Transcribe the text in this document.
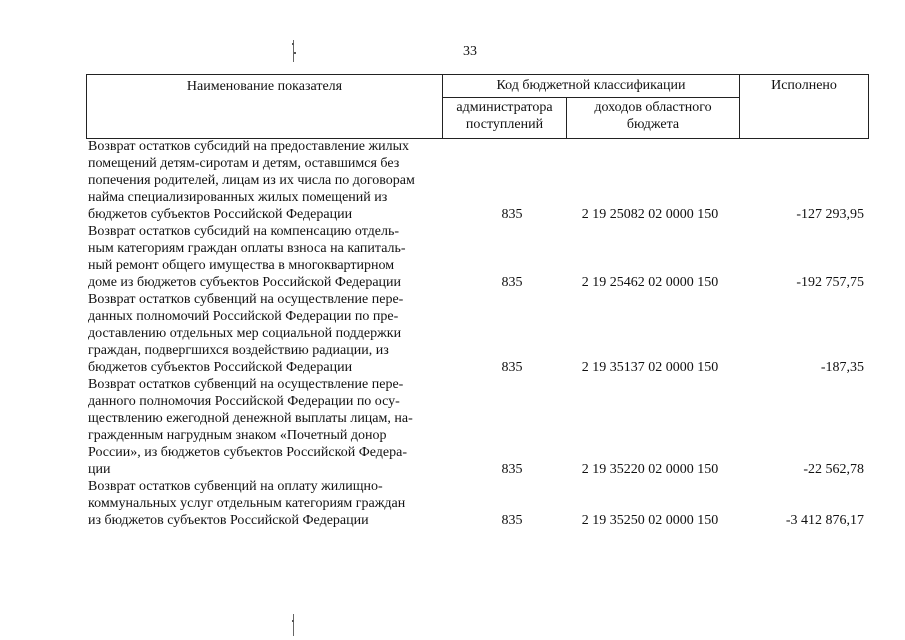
33
Наименование показателя	Код бюджетной классификации		Исполнено
	администратора поступлений	доходов областного бюджета	
Возврат остатков субсидий на предоставление жилых
помещений детям-сиротам и детям, оставшимся без
попечения родителей, лицам из их числа по договорам
найма специализированных жилых помещений из
бюджетов субъектов Российской Федерации	835	2 19 25082 02 0000 150	-127 293,95
Возврат остатков субсидий на компенсацию отдель-
ным категориям граждан оплаты взноса на капиталь-
ный ремонт общего имущества в многоквартирном
доме из бюджетов субъектов Российской Федерации	835	2 19 25462 02 0000 150	-192 757,75
Возврат остатков субвенций на осуществление пере-
данных полномочий Российской Федерации по пре-
доставлению отдельных мер социальной поддержки
граждан, подвергшихся воздействию радиации, из
бюджетов субъектов Российской Федерации	835	2 19 35137 02 0000 150	-187,35
Возврат остатков субвенций на осуществление пере-
данного полномочия Российской Федерации по осу-
ществлению ежегодной денежной выплаты лицам, на-
гражденным нагрудным знаком «Почетный донор
России», из бюджетов субъектов Российской Федера-
ции	835	2 19 35220 02 0000 150	-22 562,78
Возврат остатков субвенций на оплату жилищно-
коммунальных услуг отдельным категориям граждан
из бюджетов субъектов Российской Федерации	835	2 19 35250 02 0000 150	-3 412 876,17
